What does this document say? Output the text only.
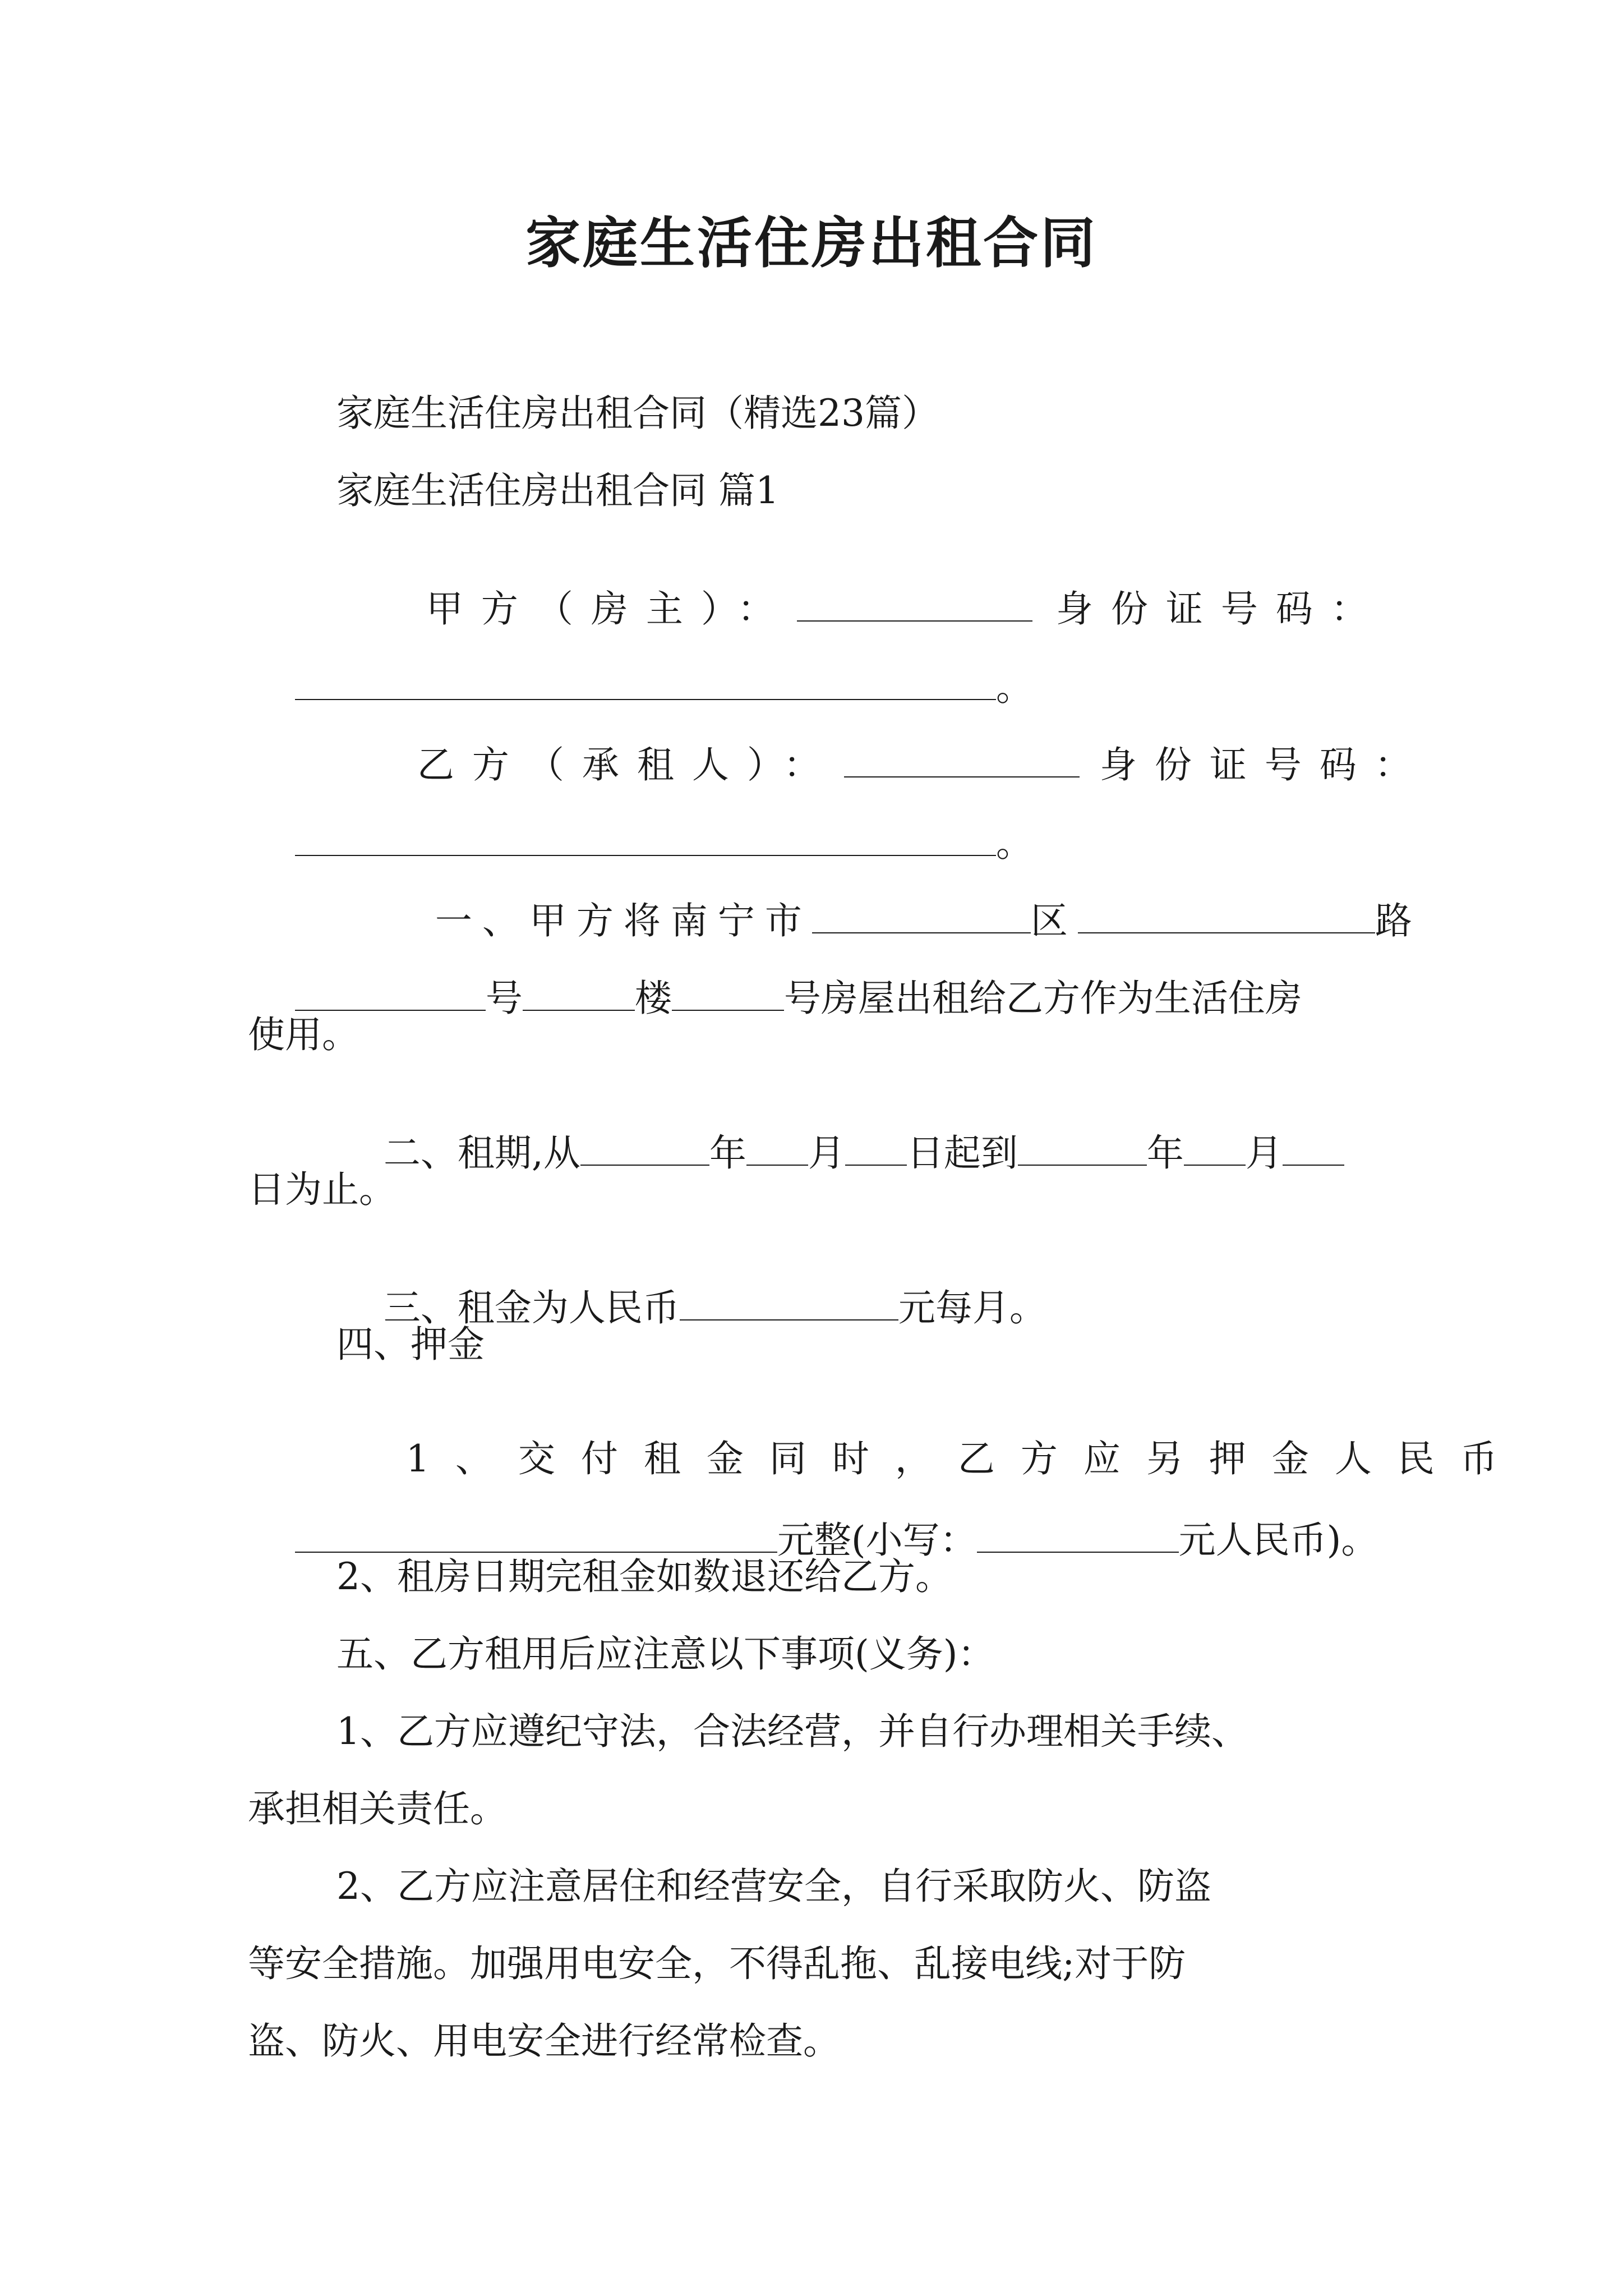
家庭生活住房出租合同
家庭生活住房出租合同（精选23篇）
家庭生活住房出租合同 篇1

甲方（房主）：	身份证号码：

。

乙方（承租人）：	身份证号码：

。

一、甲方将南宁市	区	路

号	楼	号房屋出租给乙方作为生活住房

使用。

二、租期,从	年 月 日起到	年 月

日为止。

三、租金为人民币	元每月。

四、押金

1、交付租金同时，乙方应另押金人民币

元整(小写：	元人民币)。

2、租房日期完租金如数退还给乙方。
五、乙方租用后应注意以下事项(义务)：
1、乙方应遵纪守法，合法经营，并自行办理相关手续、
承担相关责任。
2、乙方应注意居住和经营安全，自行采取防火、防盗
等安全措施。加强用电安全，不得乱拖、乱接电线;对于防
盗、防火、用电安全进行经常检查。
